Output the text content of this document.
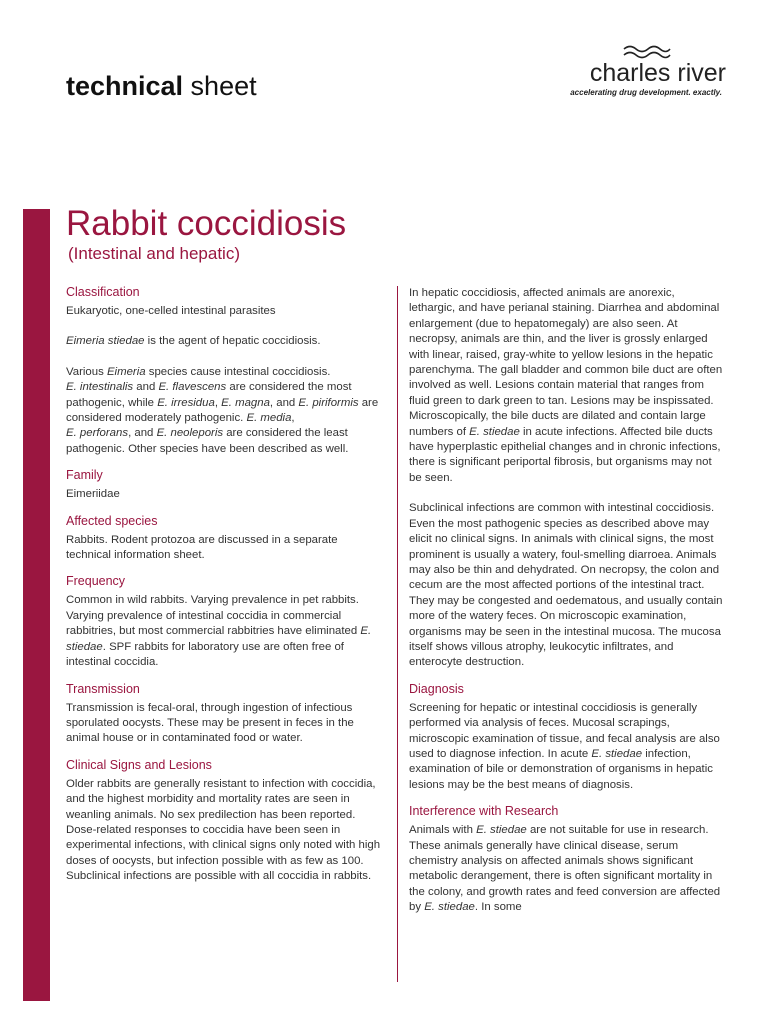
technical sheet	charles river
accelerating drug development. exactly.
Rabbit coccidiosis
(Intestinal and hepatic)
Classification

Eukaryotic, one-celled intestinal parasites

Eimeria stiedae is the agent of hepatic coccidiosis.

Various Eimeria species cause intestinal coccidiosis.
E. intestinalis and E. flavescens are considered the most pathogenic, while E. irresidua, E. magna, and E. piriformis are considered moderately pathogenic. E. media,
E. perforans, and E. neoleporis are considered the least pathogenic. Other species have been described as well.

Family

Eimeriidae

Affected species

Rabbits. Rodent protozoa are discussed in a separate technical information sheet.

Frequency

Common in wild rabbits. Varying prevalence in pet rabbits. Varying prevalence of intestinal coccidia in commercial rabbitries, but most commercial rabbitries have eliminated E. stiedae. SPF rabbits for laboratory use are often free of intestinal coccidia.

Transmission

Transmission is fecal-oral, through ingestion of infectious sporulated oocysts. These may be present in feces in the animal house or in contaminated food or water.

Clinical Signs and Lesions

Older rabbits are generally resistant to infection with coccidia, and the highest morbidity and mortality rates are seen in weanling animals. No sex predilection has been reported. Dose-related responses to coccidia have been seen in experimental infections, with clinical signs only noted with high doses of oocysts, but infection possible with as few as 100. Subclinical infections are possible with all coccidia in rabbits.

In hepatic coccidiosis, affected animals are anorexic, lethargic, and have perianal staining. Diarrhea and abdominal enlargement (due to hepatomegaly) are also seen. At necropsy, animals are thin, and the liver is grossly enlarged with linear, raised, gray-white to yellow lesions in the hepatic parenchyma. The gall bladder and common bile duct are often involved as well. Lesions contain material that ranges from fluid green to dark green to tan. Lesions may be inspissated. Microscopically, the bile ducts are dilated and contain large numbers of E. stiedae in acute infections. Affected bile ducts have hyperplastic epithelial changes and in chronic infections, there is significant periportal fibrosis, but organisms may not be seen.

Subclinical infections are common with intestinal coccidiosis. Even the most pathogenic species as described above may elicit no clinical signs. In animals with clinical signs, the most prominent is usually a watery, foul-smelling diarroea. Animals may also be thin and dehydrated. On necropsy, the colon and cecum are the most affected portions of the intestinal tract. They may be congested and oedematous, and usually contain more of the watery feces. On microscopic examination, organisms may be seen in the intestinal mucosa. The mucosa itself shows villous atrophy, leukocytic infiltrates, and enterocyte destruction.

Diagnosis

Screening for hepatic or intestinal coccidiosis is generally performed via analysis of feces. Mucosal scrapings, microscopic examination of tissue, and fecal analysis are also used to diagnose infection. In acute E. stiedae infection, examination of bile or demonstration of organisms in hepatic lesions may be the best means of diagnosis.

Interference with Research

Animals with E. stiedae are not suitable for use in research. These animals generally have clinical disease, serum chemistry analysis on affected animals shows significant metabolic derangement, there is often significant mortality in the colony, and growth rates and feed conversion are affected by E. stiedae. In some
